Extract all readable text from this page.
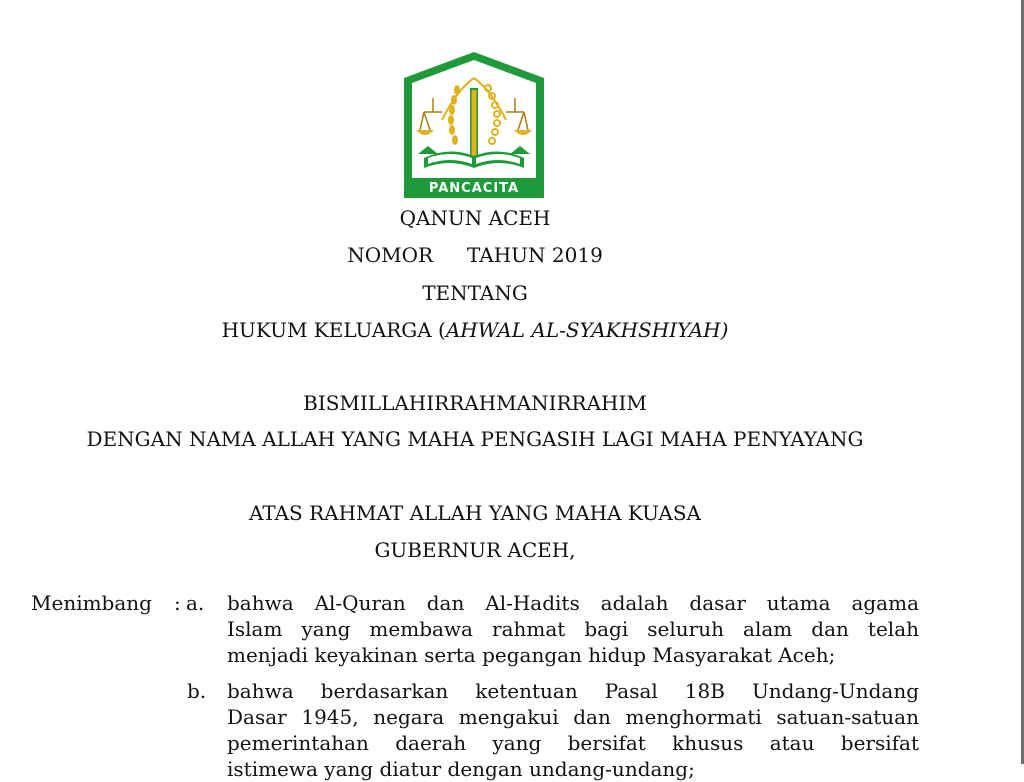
PANCACITA
QANUN ACEH
NOMOR TAHUN 2019
TENTANG
HUKUM KELUARGA (AHWAL AL-SYAKHSHIYAH)
BISMILLAHIRRAHMANIRRAHIM
DENGAN NAMA ALLAH YANG MAHA PENGASIH LAGI MAHA PENYAYANG
ATAS RAHMAT ALLAH YANG MAHA KUASA
GUBERNUR ACEH,
Menimbang : a. bahwa Al-Quran dan Al-Hadits adalah dasar utama agama
Islam yang membawa rahmat bagi seluruh alam dan telah
menjadi keyakinan serta pegangan hidup Masyarakat Aceh;
b. bahwa berdasarkan ketentuan Pasal 18B Undang-Undang
Dasar 1945, negara mengakui dan menghormati satuan-satuan
pemerintahan daerah yang bersifat khusus atau bersifat
istimewa yang diatur dengan undang-undang;
